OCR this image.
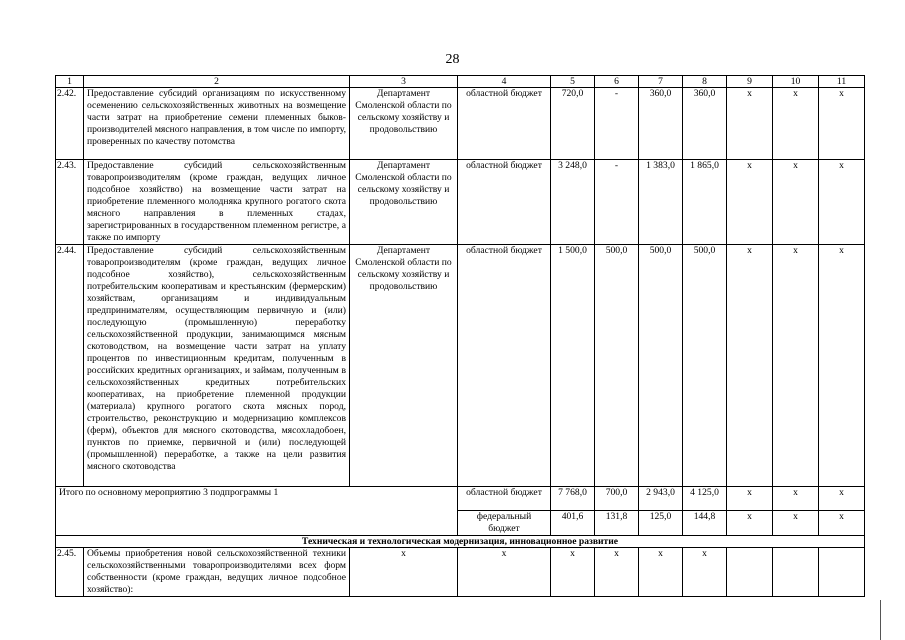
28
1	2	3	4	5	6	7	8	9	10	11
2.42.	Предоставление субсидий организациям по искусственному осеменению сельскохозяйственных животных на возмещение части затрат на приобретение семени племенных быков-производителей мясного направления, в том числе по импорту, проверенных по качеству потомства	Департамент Смоленской области по сельскому хозяйству и продовольствию	областной бюджет	720,0	-	360,0	360,0	x	x	x
2.43.	Предоставление субсидий сельскохозяйственным товаропроизводителям (кроме граждан, ведущих личное подсобное хозяйство) на возмещение части затрат на приобретение племенного молодняка крупного рогатого скота мясного направления в племенных стадах, зарегистрированных в государственном племенном регистре, а также по импорту	Департамент Смоленской области по сельскому хозяйству и продовольствию	областной бюджет	3 248,0	-	1 383,0	1 865,0	x	x	x
2.44.	Предоставление субсидий сельскохозяйственным товаропроизводителям (кроме граждан, ведущих личное подсобное хозяйство), сельскохозяйственным потребительским кооперативам и крестьянским (фермерским) хозяйствам, организациям и индивидуальным предпринимателям, осуществляющим первичную и (или) последующую (промышленную) переработку сельскохозяйственной продукции, занимающимся мясным скотоводством, на возмещение части затрат на уплату процентов по инвестиционным кредитам, полученным в российских кредитных организациях, и займам, полученным в сельскохозяйственных кредитных потребительских кооперативах, на приобретение племенной продукции (материала) крупного рогатого скота мясных пород, строительство, реконструкцию и модернизацию комплексов (ферм), объектов для мясного скотоводства, мясохладобоен, пунктов по приемке, первичной и (или) последующей (промышленной) переработке, а также на цели развития мясного скотоводства	Департамент Смоленской области по сельскому хозяйству и продовольствию	областной бюджет	1 500,0	500,0	500,0	500,0	x	x	x
Итого по основному мероприятию 3 подпрограммы 1			областной бюджет	7 768,0	700,0	2 943,0	4 125,0	x	x	x
			федеральный бюджет	401,6	131,8	125,0	144,8	x	x	x
Техническая и технологическая модернизация, инновационное развитие										
2.45.	Объемы приобретения новой сельскохозяйственной техники сельскохозяйственными товаропроизводителями всех форм собственности (кроме граждан, ведущих личное подсобное хозяйство):	x	x	x	x	x	x			
